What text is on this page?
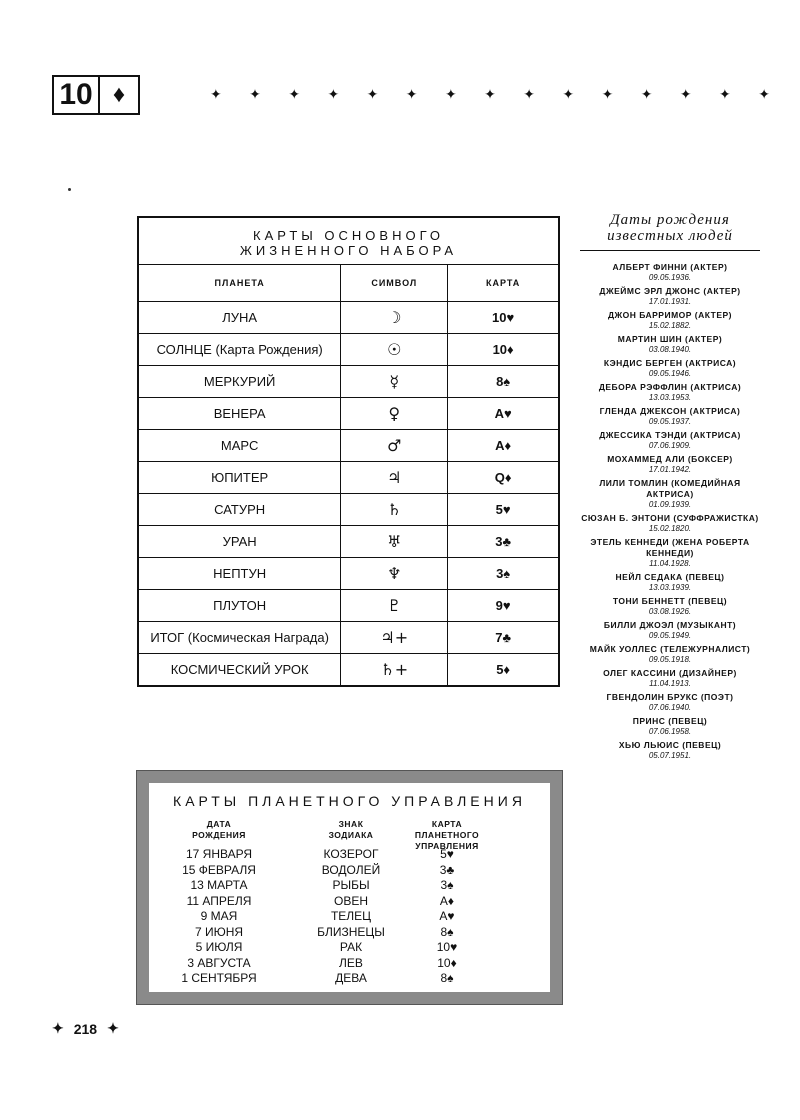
10 ♦	✦ ✦ ✦ ✦ ✦ ✦ ✦ ✦ ✦ ✦ ✦ ✦ ✦ ✦ ✦
КАРТЫ ОСНОВНОГО
ЖИЗНЕННОГО НАБОРА		

ПЛАНЕТА	СИМВОЛ	КАРТА
ЛУНА	☽	10♥
СОЛНЦЕ (Карта Рождения)	☉	10♦
МЕРКУРИЙ	☿	8♠
ВЕНЕРА	♀	A♥
МАРС	♂	A♦
ЮПИТЕР	♃	Q♦
САТУРН	♄	5♥
УРАН	♅	3♣
НЕПТУН	♆	3♠
ПЛУТОН	♇	9♥
ИТОГ (Космическая Награда)	♃+	7♣
КОСМИЧЕСКИЙ УРОК	♄+	5♦
Даты рождения
известных людей
АЛБЕРТ ФИННИ (АКТЕР)
09.05.1936.
ДЖЕЙМС ЭРЛ ДЖОНС (АКТЕР)
17.01.1931.
ДЖОН БАРРИМОР (АКТЕР)
15.02.1882.
МАРТИН ШИН (АКТЕР)
03.08.1940.
КЭНДИС БЕРГЕН (АКТРИСА)
09.05.1946.
ДЕБОРА РЭФФЛИН (АКТРИСА)
13.03.1953.
ГЛЕНДА ДЖЕКСОН (АКТРИСА)
09.05.1937.
ДЖЕССИКА ТЭНДИ (АКТРИСА)
07.06.1909.
МОХАММЕД АЛИ (БОКСЕР)
17.01.1942.
ЛИЛИ ТОМЛИН (КОМЕДИЙНАЯ АКТРИСА)
01.09.1939.
СЮЗАН Б. ЭНТОНИ (СУФФРАЖИСТКА)
15.02.1820.
ЭТЕЛЬ КЕННЕДИ (ЖЕНА РОБЕРТА КЕННЕДИ)
11.04.1928.
НЕЙЛ СЕДАКА (ПЕВЕЦ)
13.03.1939.
ТОНИ БЕННЕТТ (ПЕВЕЦ)
03.08.1926.
БИЛЛИ ДЖОЭЛ (МУЗЫКАНТ)
09.05.1949.
МАЙК УОЛЛЕС (ТЕЛЕЖУРНАЛИСТ)
09.05.1918.
ОЛЕГ КАССИНИ (ДИЗАЙНЕР)
11.04.1913.
ГВЕНДОЛИН БРУКС (ПОЭТ)
07.06.1940.
ПРИНС (ПЕВЕЦ)
07.06.1958.
ХЬЮ ЛЬЮИС (ПЕВЕЦ)
05.07.1951.
КАРТЫ ПЛАНЕТНОГО УПРАВЛЕНИЯ
ДАТА
РОЖДЕНИЯ
ЗНАК
ЗОДИАКА
КАРТА ПЛАНЕТНОГО
УПРАВЛЕНИЯ
17 ЯНВАРЯ	КОЗЕРОГ	5♥
15 ФЕВРАЛЯ	ВОДОЛЕЙ	3♣
13 МАРТА	РЫБЫ	3♠
11 АПРЕЛЯ	ОВЕН	A♦
9 МАЯ	ТЕЛЕЦ	A♥
7 ИЮНЯ	БЛИЗНЕЦЫ	8♠
5 ИЮЛЯ	РАК	10♥
3 АВГУСТА	ЛЕВ	10♦
1 СЕНТЯБРЯ	ДЕВА	8♠
✦ 218 ✦
